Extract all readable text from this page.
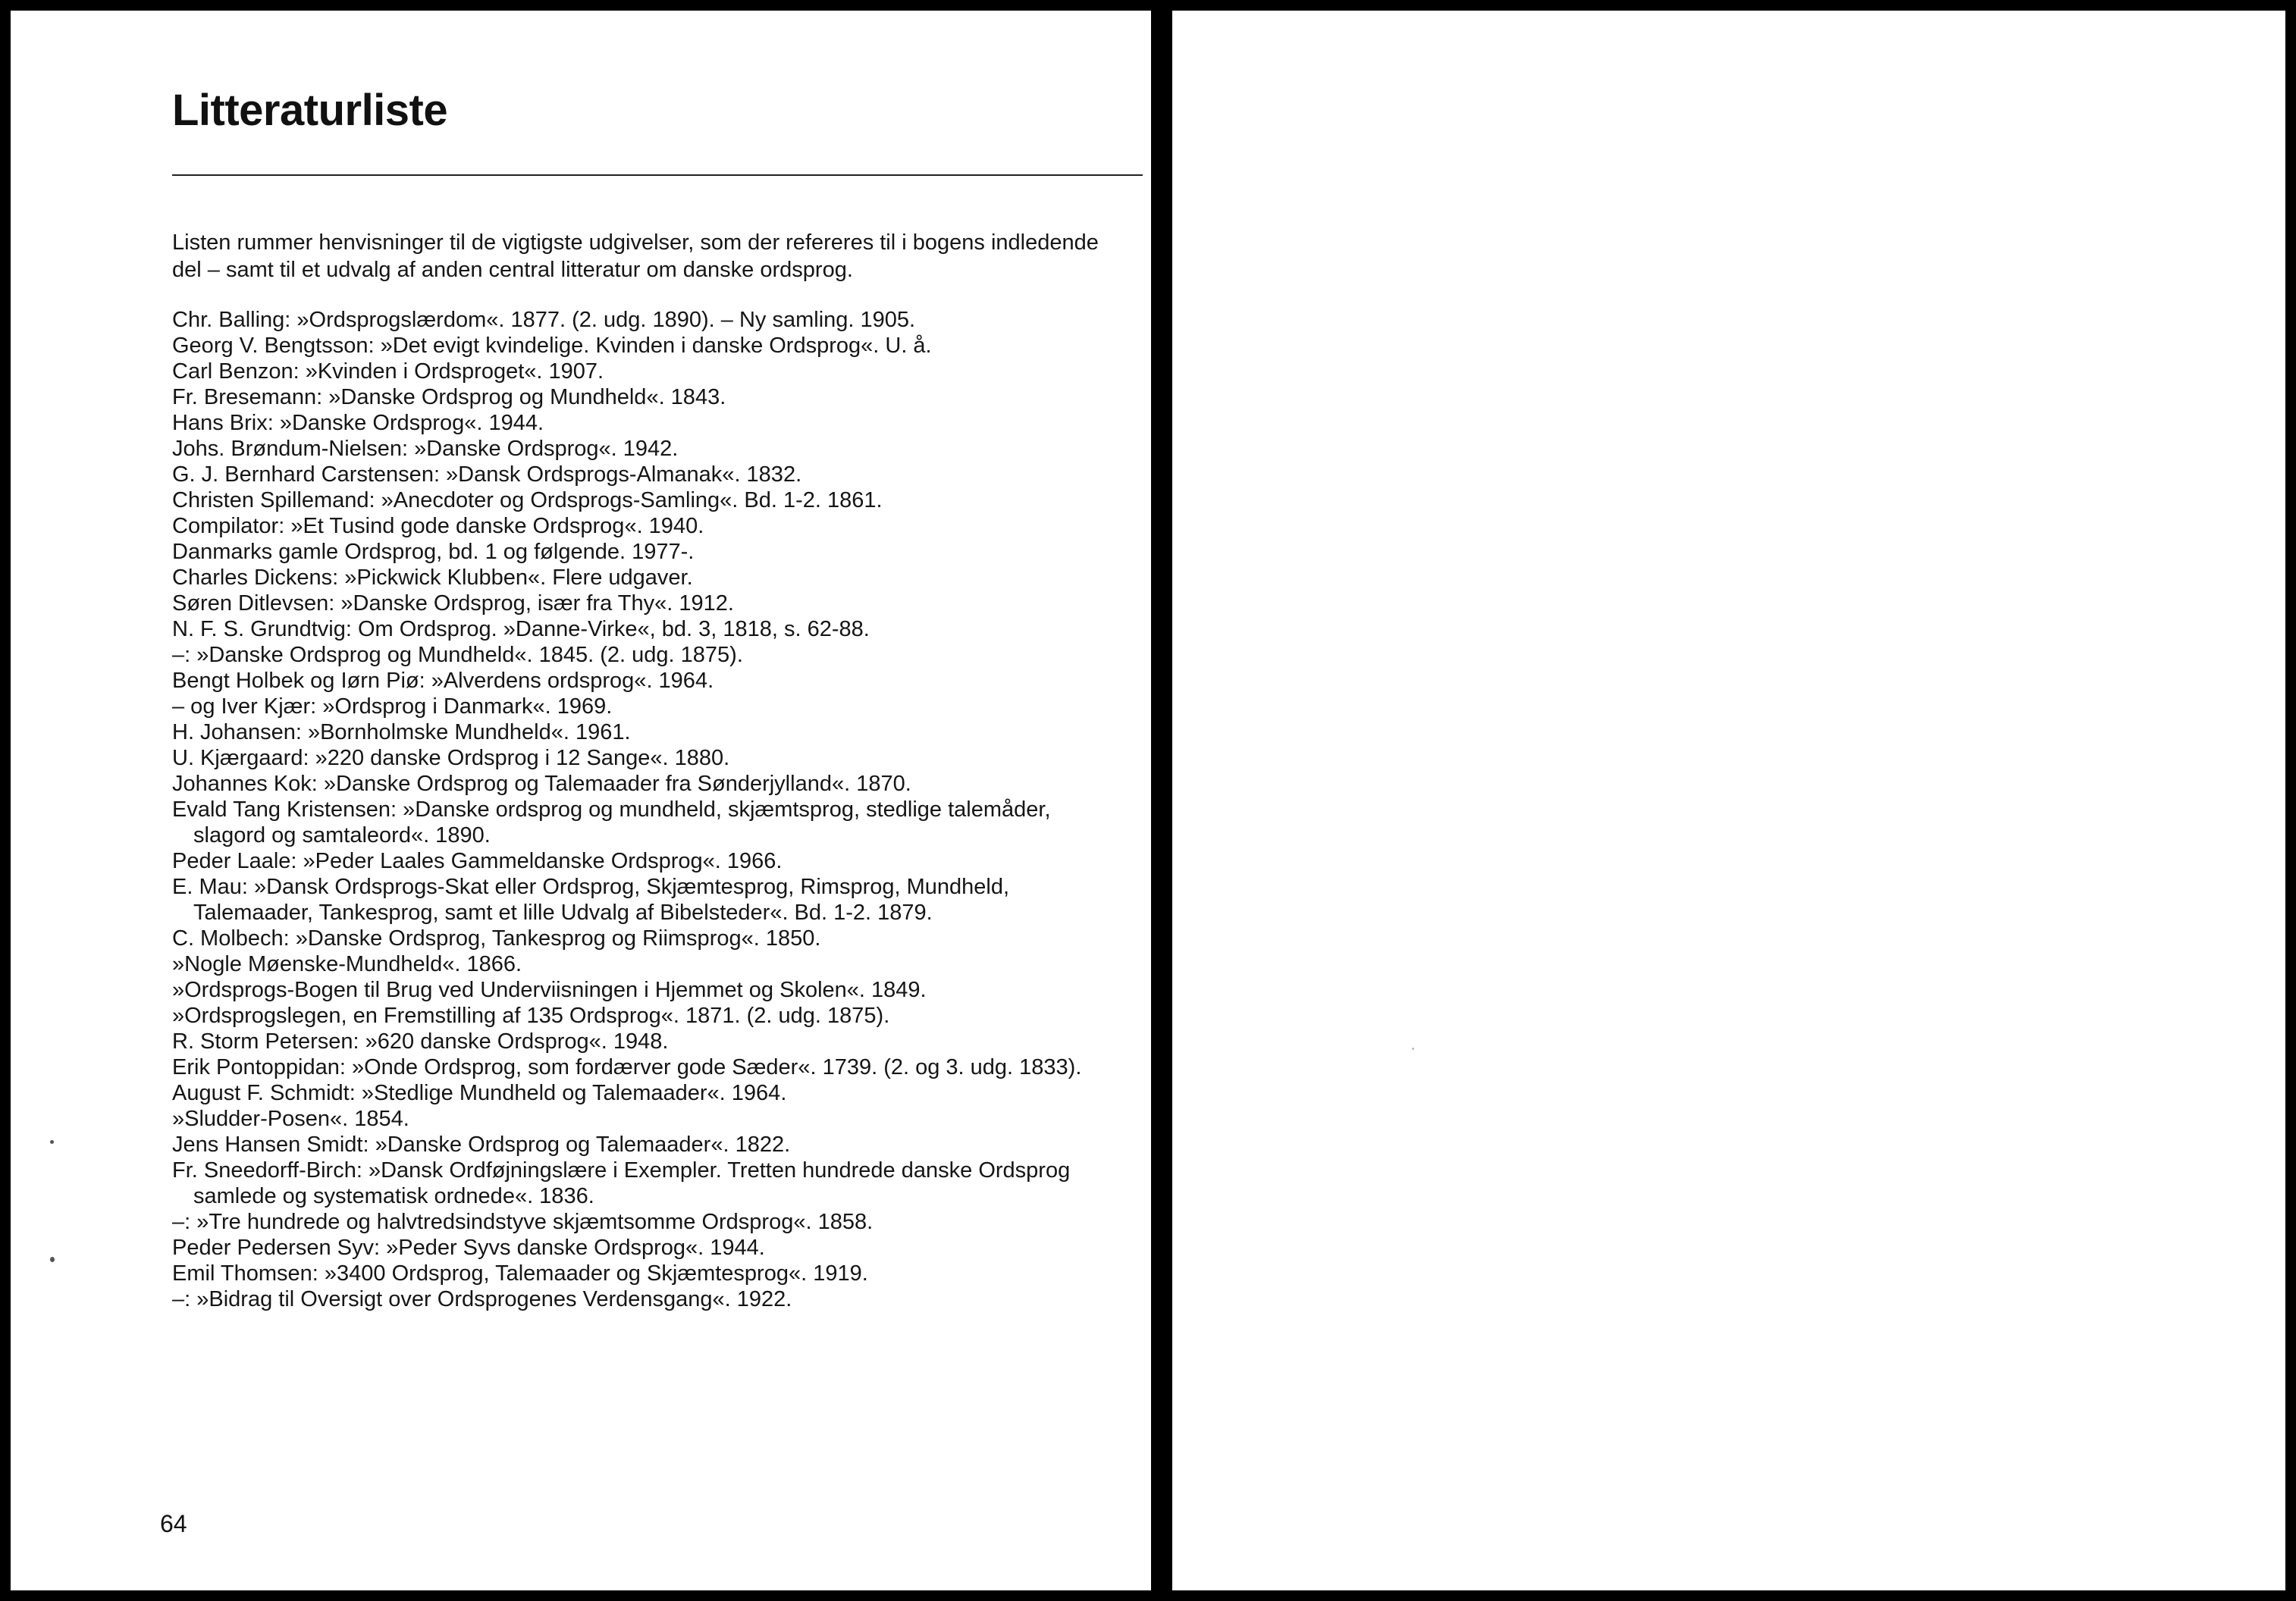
Litteraturliste

Listen rummer henvisninger til de vigtigste udgivelser, som der refereres til i bogens indledende del – samt til et udvalg af anden central litteratur om danske ordsprog.

Chr. Balling: »Ordsprogslærdom«. 1877. (2. udg. 1890). – Ny samling. 1905.
Georg V. Bengtsson: »Det evigt kvindelige. Kvinden i danske Ordsprog«. U. å.
Carl Benzon: »Kvinden i Ordsproget«. 1907.
Fr. Bresemann: »Danske Ordsprog og Mundheld«. 1843.
Hans Brix: »Danske Ordsprog«. 1944.
Johs. Brøndum-Nielsen: »Danske Ordsprog«. 1942.
G. J. Bernhard Carstensen: »Dansk Ordsprogs-Almanak«. 1832.
Christen Spillemand: »Anecdoter og Ordsprogs-Samling«. Bd. 1-2. 1861.
Compilator: »Et Tusind gode danske Ordsprog«. 1940.
Danmarks gamle Ordsprog, bd. 1 og følgende. 1977-.
Charles Dickens: »Pickwick Klubben«. Flere udgaver.
Søren Ditlevsen: »Danske Ordsprog, især fra Thy«. 1912.
N. F. S. Grundtvig: Om Ordsprog. »Danne-Virke«, bd. 3, 1818, s. 62-88.
–: »Danske Ordsprog og Mundheld«. 1845. (2. udg. 1875).
Bengt Holbek og Iørn Piø: »Alverdens ordsprog«. 1964.
– og Iver Kjær: »Ordsprog i Danmark«. 1969.
H. Johansen: »Bornholmske Mundheld«. 1961.
U. Kjærgaard: »220 danske Ordsprog i 12 Sange«. 1880.
Johannes Kok: »Danske Ordsprog og Talemaader fra Sønderjylland«. 1870.
Evald Tang Kristensen: »Danske ordsprog og mundheld, skjæmtsprog, stedlige talemåder, slagord og samtaleord«. 1890.
Peder Laale: »Peder Laales Gammeldanske Ordsprog«. 1966.
E. Mau: »Dansk Ordsprogs-Skat eller Ordsprog, Skjæmtesprog, Rimsprog, Mundheld, Talemaader, Tankesprog, samt et lille Udvalg af Bibelsteder«. Bd. 1-2. 1879.
C. Molbech: »Danske Ordsprog, Tankesprog og Riimsprog«. 1850.
»Nogle Møenske-Mundheld«. 1866.
»Ordsprogs-Bogen til Brug ved Underviisningen i Hjemmet og Skolen«. 1849.
»Ordsprogslegen, en Fremstilling af 135 Ordsprog«. 1871. (2. udg. 1875).
R. Storm Petersen: »620 danske Ordsprog«. 1948.
Erik Pontoppidan: »Onde Ordsprog, som fordærver gode Sæder«. 1739. (2. og 3. udg. 1833).
August F. Schmidt: »Stedlige Mundheld og Talemaader«. 1964.
»Sludder-Posen«. 1854.
Jens Hansen Smidt: »Danske Ordsprog og Talemaader«. 1822.
Fr. Sneedorff-Birch: »Dansk Ordføjningslære i Exempler. Tretten hundrede danske Ordsprog samlede og systematisk ordnede«. 1836.
–: »Tre hundrede og halvtredsindstyve skjæmtsomme Ordsprog«. 1858.
Peder Pedersen Syv: »Peder Syvs danske Ordsprog«. 1944.
Emil Thomsen: »3400 Ordsprog, Talemaader og Skjæmtesprog«. 1919.
–: »Bidrag til Oversigt over Ordsprogenes Verdensgang«. 1922.
64
